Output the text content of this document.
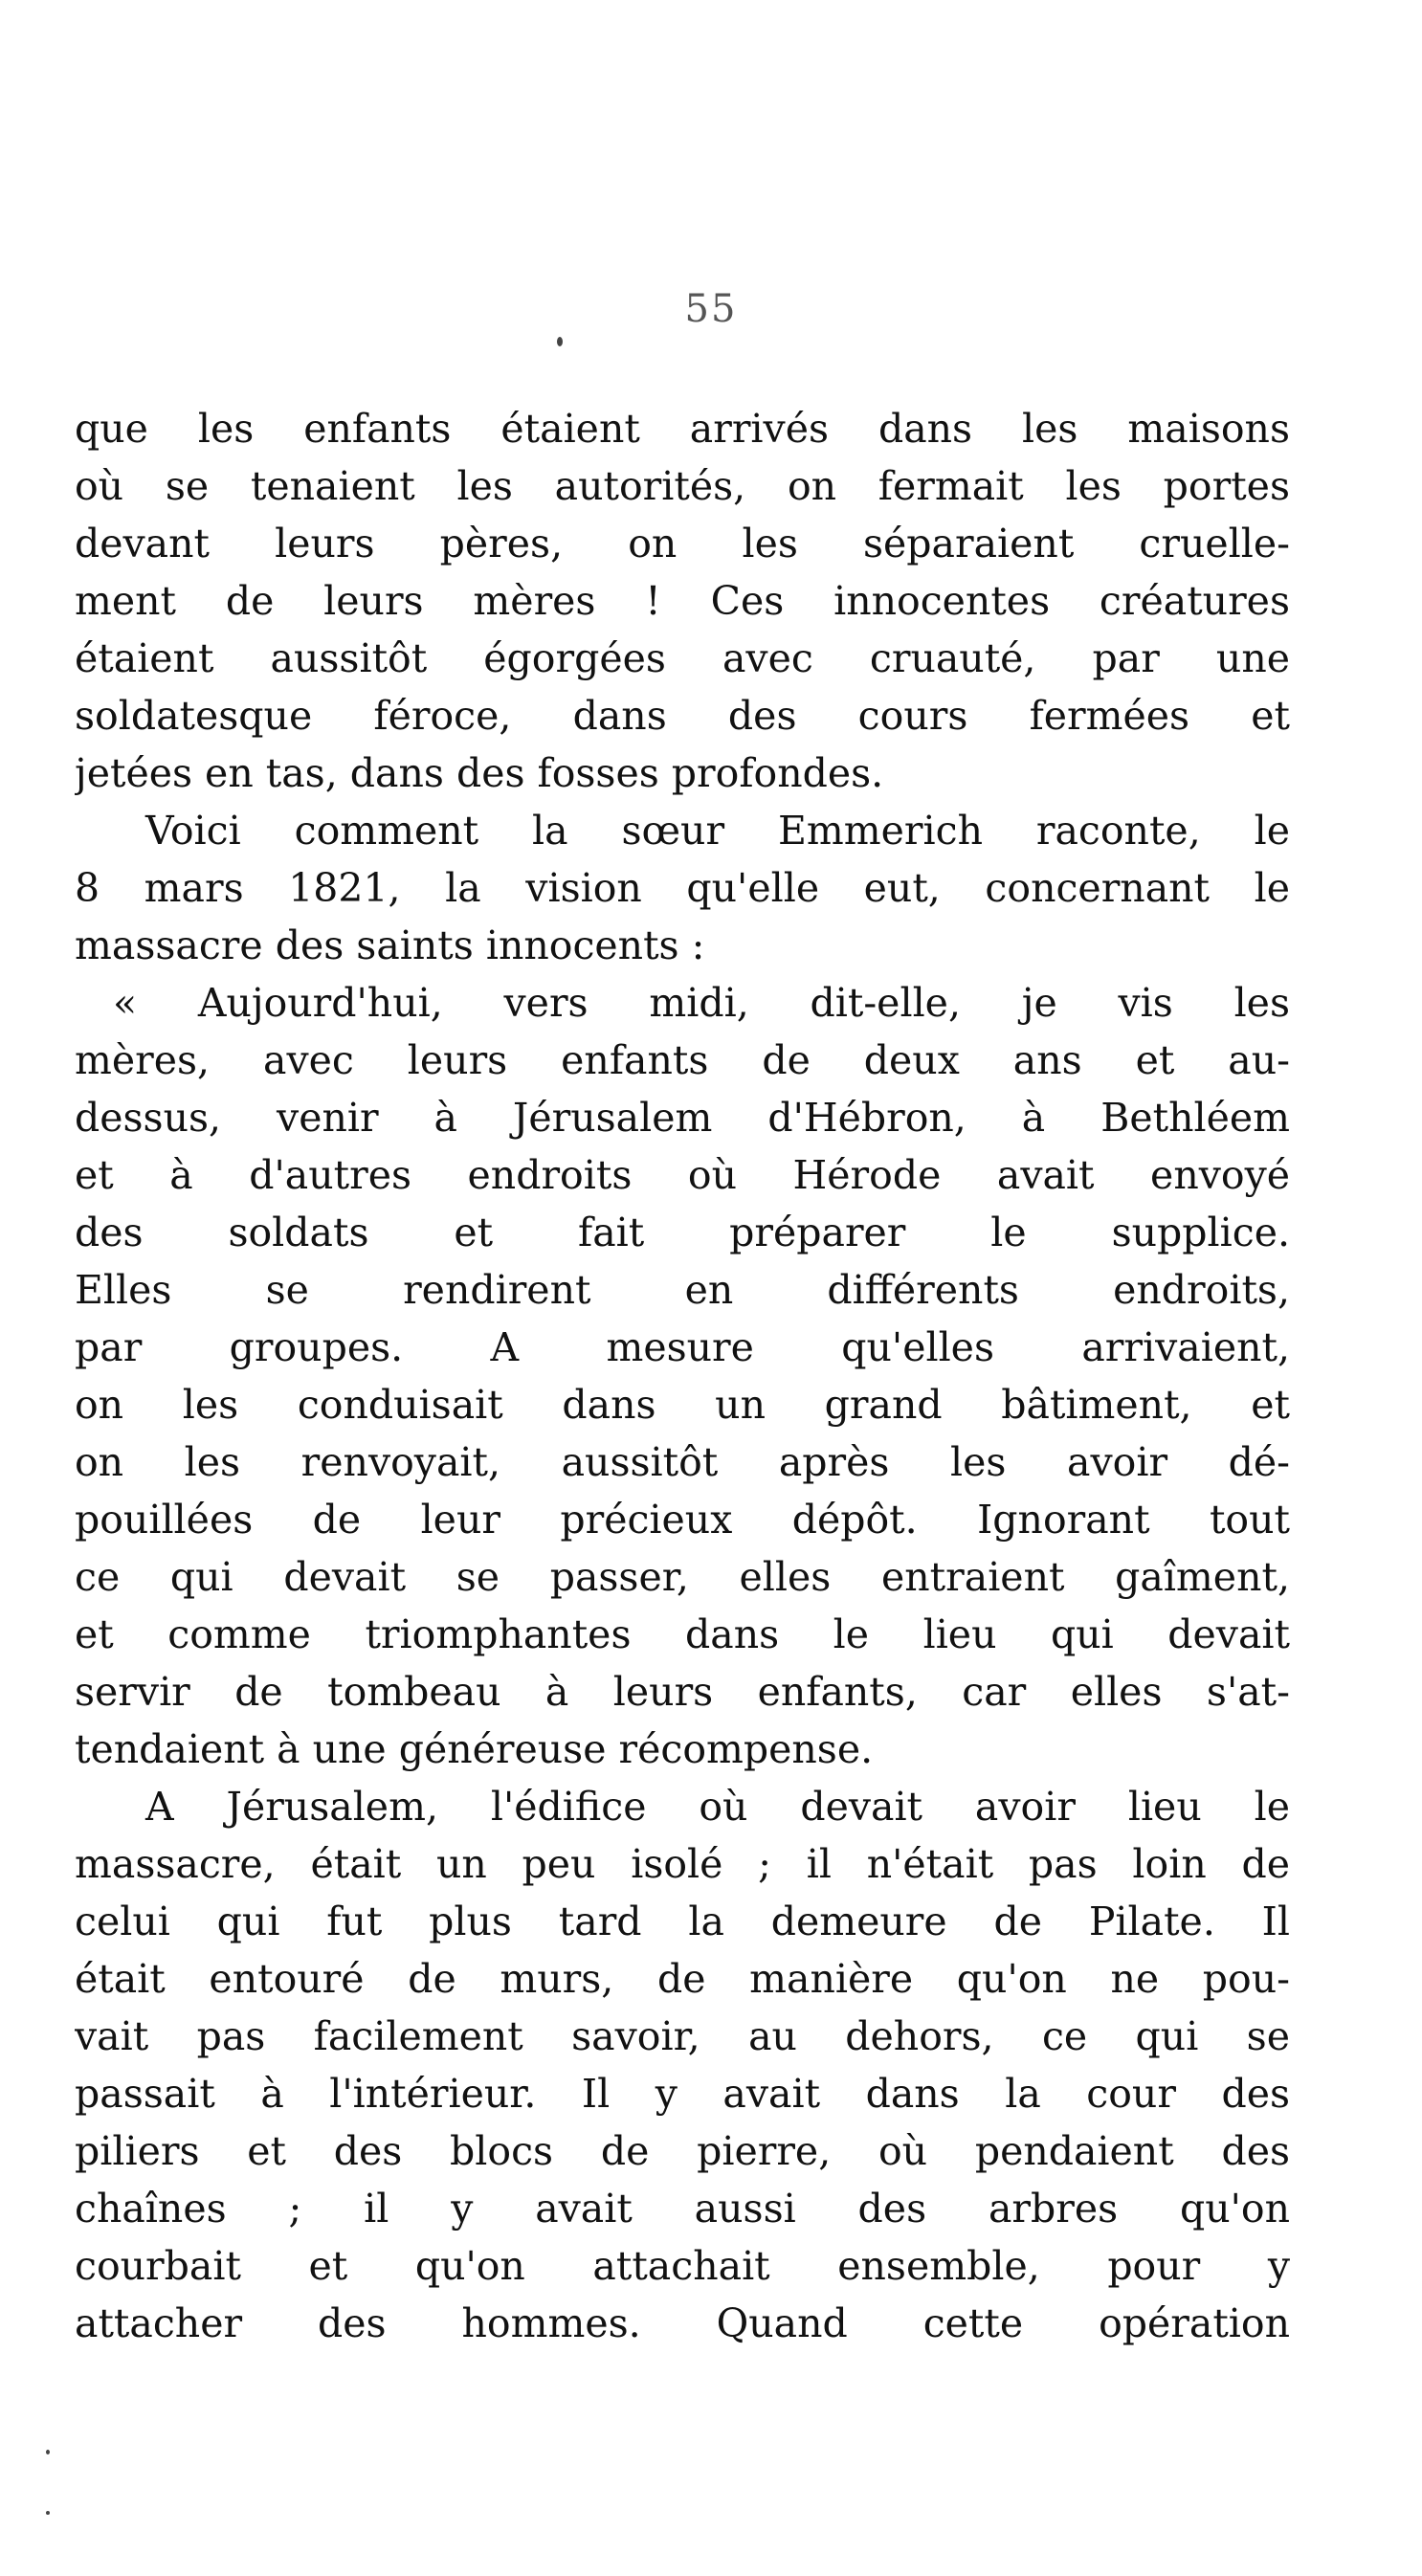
55
que les enfants étaient arrivés dans les maisons
où se tenaient les autorités, on fermait les portes
devant leurs pères, on les séparaient cruelle-
ment de leurs mères ! Ces innocentes créatures
étaient aussitôt égorgées avec cruauté, par une
soldatesque féroce, dans des cours fermées et
jetées en tas, dans des fosses profondes.
Voici comment la sœur Emmerich raconte, le
8 mars 1821, la vision qu'elle eut, concernant le
massacre des saints innocents :
« Aujourd'hui, vers midi, dit-elle, je vis les
mères, avec leurs enfants de deux ans et au-
dessus, venir à Jérusalem d'Hébron, à Bethléem
et à d'autres endroits où Hérode avait envoyé
des soldats et fait préparer le supplice.
Elles se rendirent en différents endroits,
par groupes. A mesure qu'elles arrivaient,
on les conduisait dans un grand bâtiment, et
on les renvoyait, aussitôt après les avoir dé-
pouillées de leur précieux dépôt. Ignorant tout
ce qui devait se passer, elles entraient gaîment,
et comme triomphantes dans le lieu qui devait
servir de tombeau à leurs enfants, car elles s'at-
tendaient à une généreuse récompense.
A Jérusalem, l'édifice où devait avoir lieu le
massacre, était un peu isolé ; il n'était pas loin de
celui qui fut plus tard la demeure de Pilate. Il
était entouré de murs, de manière qu'on ne pou-
vait pas facilement savoir, au dehors, ce qui se
passait à l'intérieur. Il y avait dans la cour des
piliers et des blocs de pierre, où pendaient des
chaînes ; il y avait aussi des arbres qu'on
courbait et qu'on attachait ensemble, pour y
attacher des hommes. Quand cette opération
